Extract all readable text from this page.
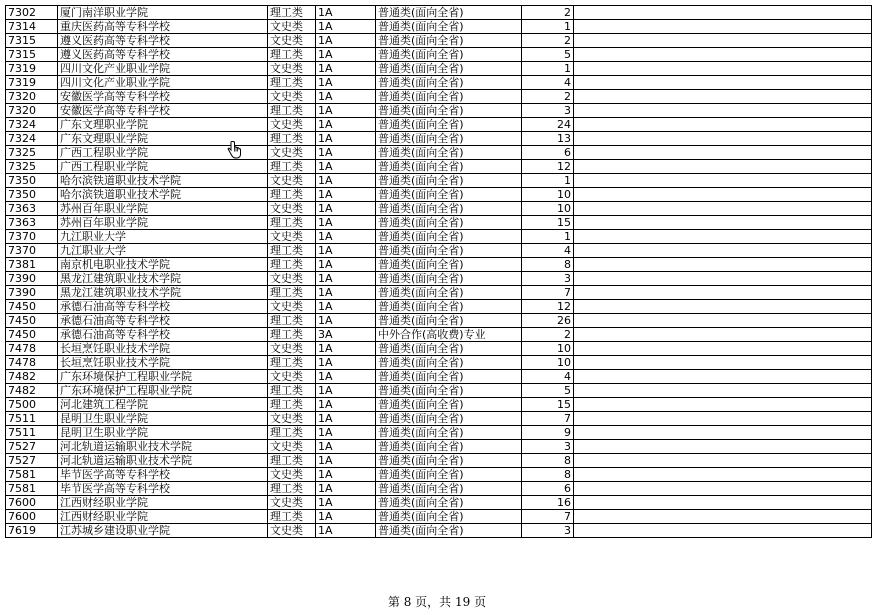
7302	厦门南洋职业学院	理工类	1A	普通类(面向全省)	2	
7314	重庆医药高等专科学校	文史类	1A	普通类(面向全省)	1	
7315	遵义医药高等专科学校	文史类	1A	普通类(面向全省)	2	
7315	遵义医药高等专科学校	理工类	1A	普通类(面向全省)	5	
7319	四川文化产业职业学院	文史类	1A	普通类(面向全省)	1	
7319	四川文化产业职业学院	理工类	1A	普通类(面向全省)	4	
7320	安徽医学高等专科学校	文史类	1A	普通类(面向全省)	2	
7320	安徽医学高等专科学校	理工类	1A	普通类(面向全省)	3	
7324	广东文理职业学院	文史类	1A	普通类(面向全省)	24	
7324	广东文理职业学院	理工类	1A	普通类(面向全省)	13	
7325	广西工程职业学院	文史类	1A	普通类(面向全省)	6	
7325	广西工程职业学院	理工类	1A	普通类(面向全省)	12	
7350	哈尔滨铁道职业技术学院	文史类	1A	普通类(面向全省)	1	
7350	哈尔滨铁道职业技术学院	理工类	1A	普通类(面向全省)	10	
7363	苏州百年职业学院	文史类	1A	普通类(面向全省)	10	
7363	苏州百年职业学院	理工类	1A	普通类(面向全省)	15	
7370	九江职业大学	文史类	1A	普通类(面向全省)	1	
7370	九江职业大学	理工类	1A	普通类(面向全省)	4	
7381	南京机电职业技术学院	理工类	1A	普通类(面向全省)	8	
7390	黑龙江建筑职业技术学院	文史类	1A	普通类(面向全省)	3	
7390	黑龙江建筑职业技术学院	理工类	1A	普通类(面向全省)	7	
7450	承德石油高等专科学校	文史类	1A	普通类(面向全省)	12	
7450	承德石油高等专科学校	理工类	1A	普通类(面向全省)	26	
7450	承德石油高等专科学校	理工类	3A	中外合作(高收费)专业	2	
7478	长垣烹饪职业技术学院	文史类	1A	普通类(面向全省)	10	
7478	长垣烹饪职业技术学院	理工类	1A	普通类(面向全省)	10	
7482	广东环境保护工程职业学院	文史类	1A	普通类(面向全省)	4	
7482	广东环境保护工程职业学院	理工类	1A	普通类(面向全省)	5	
7500	河北建筑工程学院	理工类	1A	普通类(面向全省)	15	
7511	昆明卫生职业学院	文史类	1A	普通类(面向全省)	7	
7511	昆明卫生职业学院	理工类	1A	普通类(面向全省)	9	
7527	河北轨道运输职业技术学院	文史类	1A	普通类(面向全省)	3	
7527	河北轨道运输职业技术学院	理工类	1A	普通类(面向全省)	8	
7581	毕节医学高等专科学校	文史类	1A	普通类(面向全省)	8	
7581	毕节医学高等专科学校	理工类	1A	普通类(面向全省)	6	
7600	江西财经职业学院	文史类	1A	普通类(面向全省)	16	
7600	江西财经职业学院	理工类	1A	普通类(面向全省)	7	
7619	江苏城乡建设职业学院	文史类	1A	普通类(面向全省)	3	
第 8 页，共 19 页
